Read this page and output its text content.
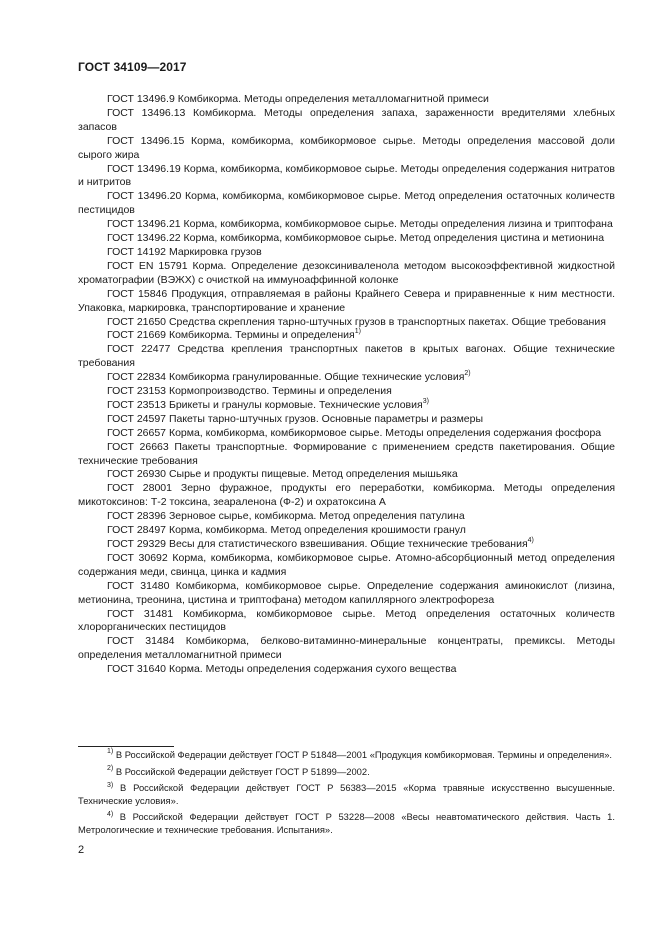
ГОСТ 34109—2017

ГОСТ 13496.9 Комбикорма. Методы определения металломагнитной примеси

ГОСТ 13496.13 Комбикорма. Методы определения запаха, зараженности вредителями хлебных запасов

ГОСТ 13496.15 Корма, комбикорма, комбикормовое сырье. Методы определения массовой доли сырого жира

ГОСТ 13496.19 Корма, комбикорма, комбикормовое сырье. Методы определения содержания нитратов и нитритов

ГОСТ 13496.20 Корма, комбикорма, комбикормовое сырье. Метод определения остаточных количеств пестицидов

ГОСТ 13496.21 Корма, комбикорма, комбикормовое сырье. Методы определения лизина и триптофана

ГОСТ 13496.22 Корма, комбикорма, комбикормовое сырье. Метод определения цистина и метионина

ГОСТ 14192 Маркировка грузов

ГОСТ EN 15791 Корма. Определение дезоксиниваленола методом высокоэффективной жидкостной хроматографии (ВЭЖХ) с очисткой на иммуноаффинной колонке

ГОСТ 15846 Продукция, отправляемая в районы Крайнего Севера и приравненные к ним местности. Упаковка, маркировка, транспортирование и хранение

ГОСТ 21650 Средства скрепления тарно-штучных грузов в транспортных пакетах. Общие требования

ГОСТ 21669 Комбикорма. Термины и определения$^{1)}$

ГОСТ 22477 Средства крепления транспортных пакетов в крытых вагонах. Общие технические требования

ГОСТ 22834 Комбикорма гранулированные. Общие технические условия$^{2)}$

ГОСТ 23153 Кормопроизводство. Термины и определения

ГОСТ 23513 Брикеты и гранулы кормовые. Технические условия$^{3)}$

ГОСТ 24597 Пакеты тарно-штучных грузов. Основные параметры и размеры

ГОСТ 26657 Корма, комбикорма, комбикормовое сырье. Методы определения содержания фосфора

ГОСТ 26663 Пакеты транспортные. Формирование с применением средств пакетирования. Общие технические требования

ГОСТ 26930 Сырье и продукты пищевые. Метод определения мышьяка

ГОСТ 28001 Зерно фуражное, продукты его переработки, комбикорма. Методы определения микотоксинов: Т-2 токсина, зеараленона (Ф-2) и охратоксина А

ГОСТ 28396 Зерновое сырье, комбикорма. Метод определения патулина

ГОСТ 28497 Корма, комбикорма. Метод определения крошимости гранул

ГОСТ 29329 Весы для статистического взвешивания. Общие технические требования$^{4)}$

ГОСТ 30692 Корма, комбикорма, комбикормовое сырье. Атомно-абсорбционный метод определения содержания меди, свинца, цинка и кадмия

ГОСТ 31480 Комбикорма, комбикормовое сырье. Определение содержания аминокислот (лизина, метионина, треонина, цистина и триптофана) методом капиллярного электрофореза

ГОСТ 31481 Комбикорма, комбикормовое сырье. Метод определения остаточных количеств хлорорганических пестицидов

ГОСТ 31484 Комбикорма, белково-витаминно-минеральные концентраты, премиксы. Методы определения металломагнитной примеси

ГОСТ 31640 Корма. Методы определения содержания сухого вещества

$^{1)}$ В Российской Федерации действует ГОСТ Р 51848—2001 «Продукция комбикормовая. Термины и определения».

$^{2)}$ В Российской Федерации действует ГОСТ Р 51899—2002.

$^{3)}$ В Российской Федерации действует ГОСТ Р 56383—2015 «Корма травяные искусственно высушенные. Технические условия».

$^{4)}$ В Российской Федерации действует ГОСТ Р 53228—2008 «Весы неавтоматического действия. Часть 1. Метрологические и технические требования. Испытания».

2
